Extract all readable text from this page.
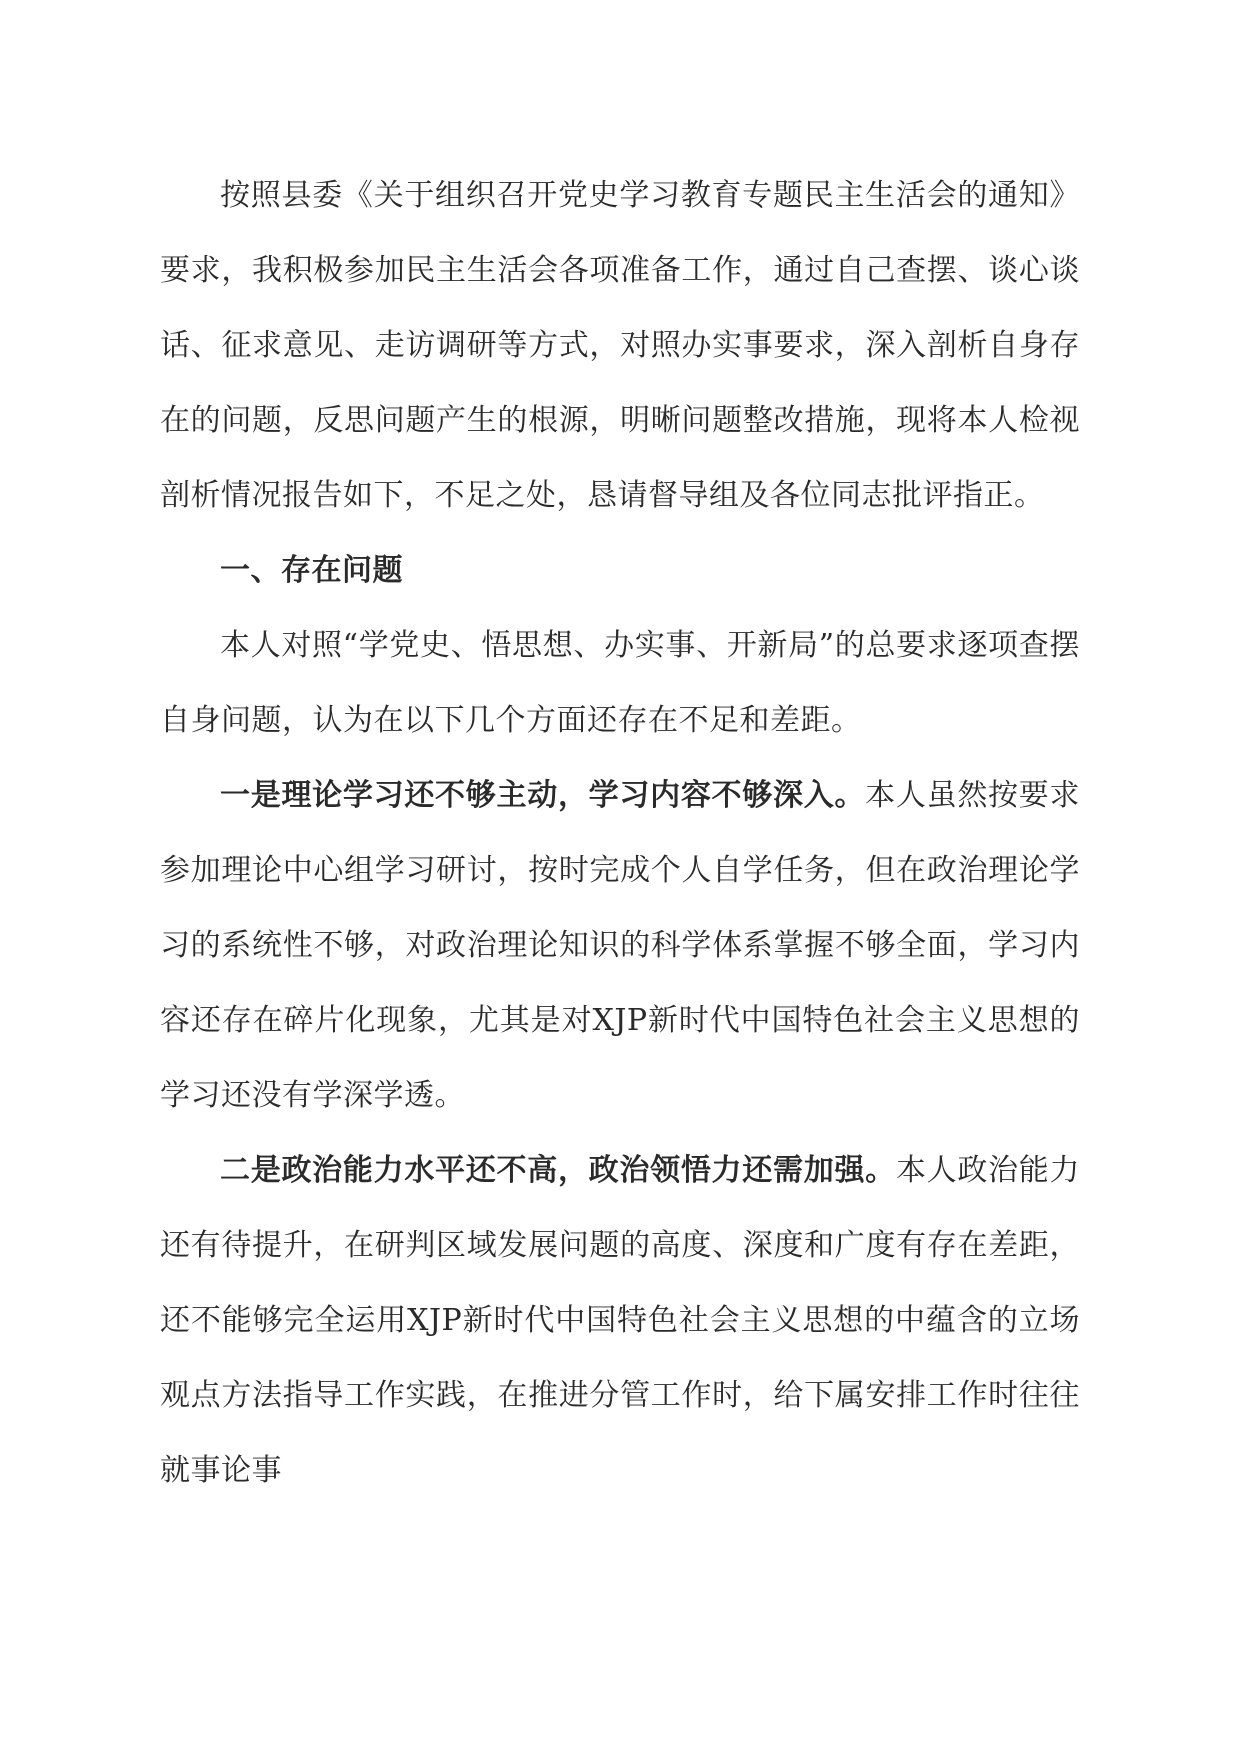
按照县委《关于组织召开党史学习教育专题民主生活会的通知》要求，我积极参加民主生活会各项准备工作，通过自己查摆、谈心谈话、征求意见、走访调研等方式，对照办实事要求，深入剖析自身存在的问题，反思问题产生的根源，明晰问题整改措施，现将本人检视剖析情况报告如下，不足之处，恳请督导组及各位同志批评指正。

一、存在问题

本人对照“学党史、悟思想、办实事、开新局”的总要求逐项查摆自身问题，认为在以下几个方面还存在不足和差距。

一是理论学习还不够主动，学习内容不够深入。本人虽然按要求参加理论中心组学习研讨，按时完成个人自学任务，但在政治理论学习的系统性不够，对政治理论知识的科学体系掌握不够全面，学习内容还存在碎片化现象，尤其是对XJP新时代中国特色社会主义思想的学习还没有学深学透。

二是政治能力水平还不高，政治领悟力还需加强。本人政治能力还有待提升，在研判区域发展问题的高度、深度和广度有存在差距，还不能够完全运用XJP新时代中国特色社会主义思想的中蕴含的立场观点方法指导工作实践，在推进分管工作时，给下属安排工作时往往就事论事
